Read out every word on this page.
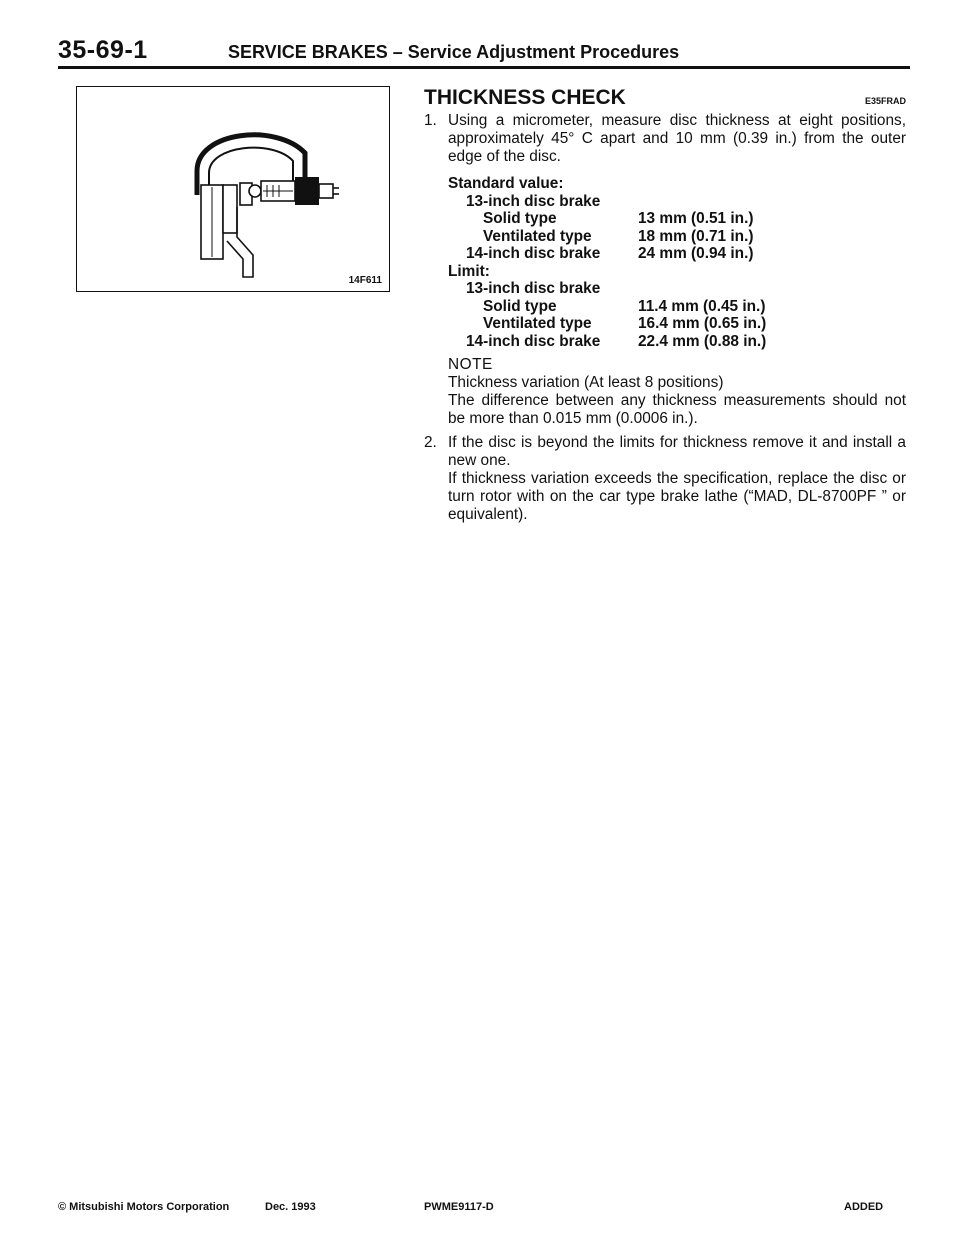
35-69-1	SERVICE BRAKES – Service Adjustment Procedures
14F611
THICKNESS CHECK	E35FRAD
1. Using a micrometer, measure disc thickness at eight positions, approximately 45° C apart and 10 mm (0.39 in.) from the outer edge of the disc.
Standard value:
13-inch disc brake
Solid type	13 mm (0.51 in.)
Ventilated type	18 mm (0.71 in.)
14-inch disc brake 24 mm (0.94 in.)
Limit:
13-inch disc brake
Solid type	11.4 mm (0.45 in.)
Ventilated type	16.4 mm (0.65 in.)
14-inch disc brake 22.4 mm (0.88 in.)
NOTE
Thickness variation (At least 8 positions)
The difference between any thickness measurements should not be more than 0.015 mm (0.0006 in.).
2. If the disc is beyond the limits for thickness remove it and install a new one.
If thickness variation exceeds the specification, replace the disc or turn rotor with on the car type brake lathe (“MAD, DL-8700PF ” or equivalent).
© Mitsubishi Motors Corporation	Dec. 1993	PWME9117-D	ADDED
